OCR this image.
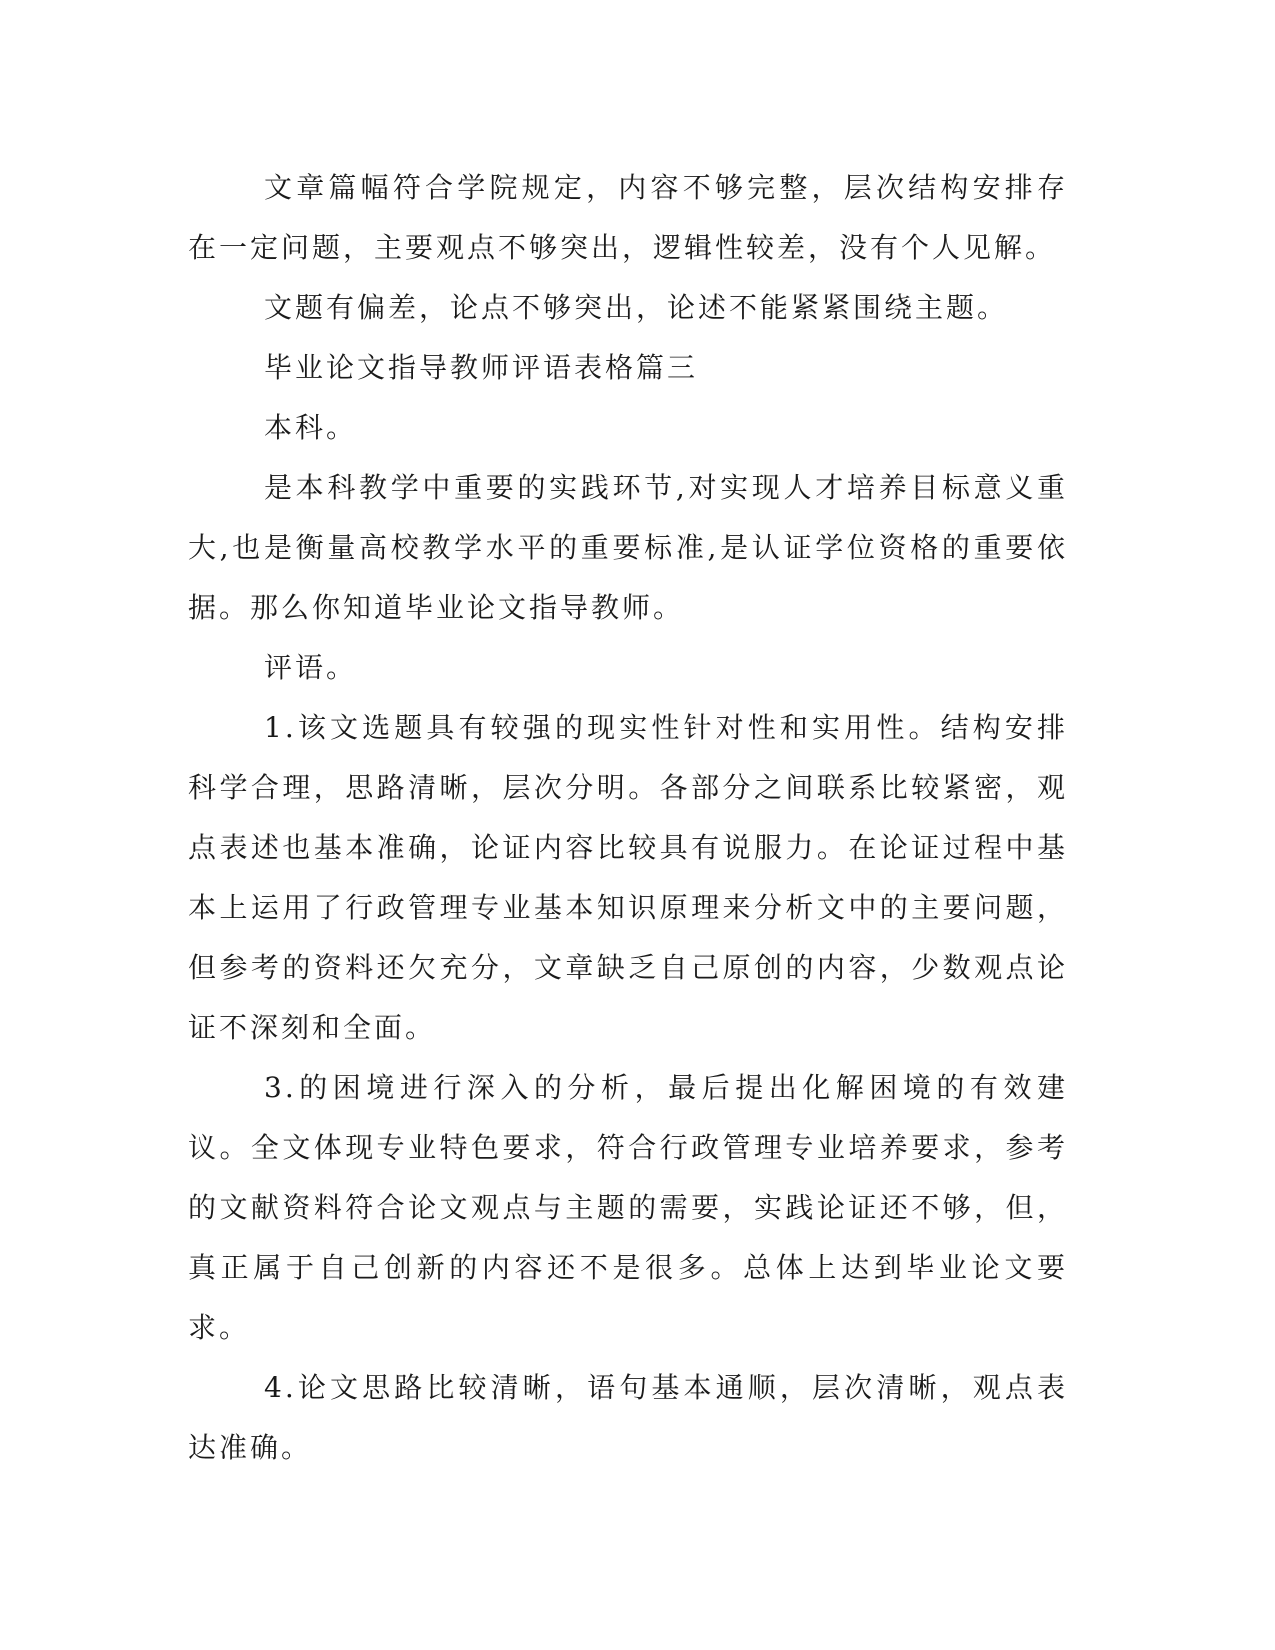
文章篇幅符合学院规定，内容不够完整，层次结构安排存在一定问题，主要观点不够突出，逻辑性较差，没有个人见解。

文题有偏差，论点不够突出，论述不能紧紧围绕主题。

毕业论文指导教师评语表格篇三

本科。

是本科教学中重要的实践环节,对实现人才培养目标意义重大,也是衡量高校教学水平的重要标准,是认证学位资格的重要依据。那么你知道毕业论文指导教师。

评语。

1.该文选题具有较强的现实性针对性和实用性。结构安排科学合理，思路清晰，层次分明。各部分之间联系比较紧密，观点表述也基本准确，论证内容比较具有说服力。在论证过程中基本上运用了行政管理专业基本知识原理来分析文中的主要问题，但参考的资料还欠充分，文章缺乏自己原创的内容，少数观点论证不深刻和全面。

3.的困境进行深入的分析，最后提出化解困境的有效建议。全文体现专业特色要求，符合行政管理专业培养要求，参考的文献资料符合论文观点与主题的需要，实践论证还不够，但，真正属于自己创新的内容还不是很多。总体上达到毕业论文要求。

4.论文思路比较清晰，语句基本通顺，层次清晰，观点表达准确。
